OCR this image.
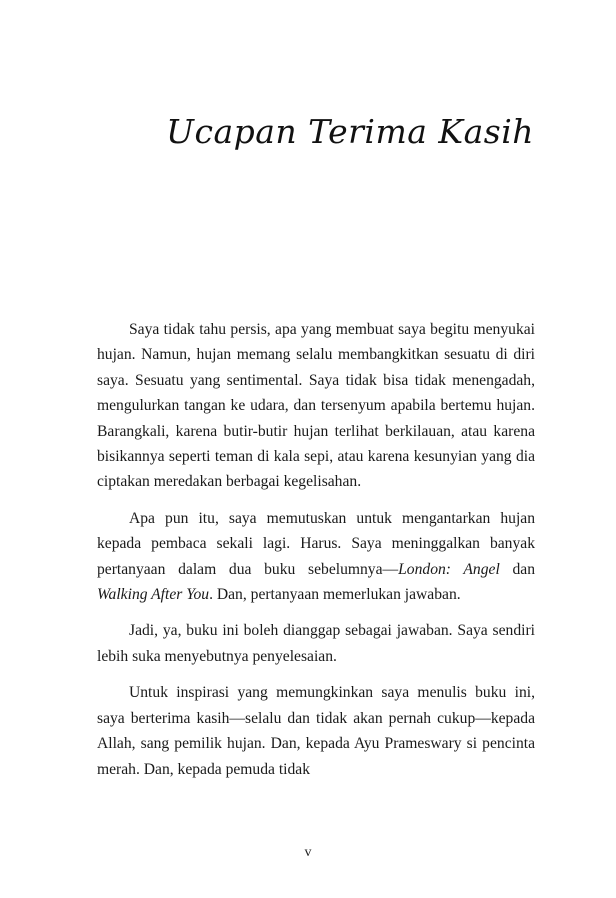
Ucapan Terima Kasih

Saya tidak tahu persis, apa yang membuat saya begitu menyukai hujan. Namun, hujan memang selalu membangkitkan sesuatu di diri saya. Sesuatu yang sentimental. Saya tidak bisa tidak menengadah, mengulurkan tangan ke udara, dan tersenyum apabila bertemu hujan. Barangkali, karena butir-butir hujan terlihat berkilauan, atau karena bisikannya seperti teman di kala sepi, atau karena kesunyian yang dia ciptakan meredakan berbagai kegelisahan.

Apa pun itu, saya memutuskan untuk mengantarkan hujan kepada pembaca sekali lagi. Harus. Saya meninggalkan banyak pertanyaan dalam dua buku sebelumnya—London: Angel dan Walking After You. Dan, pertanyaan memerlukan jawaban.

Jadi, ya, buku ini boleh dianggap sebagai jawaban. Saya sendiri lebih suka menyebutnya penyelesaian.

Untuk inspirasi yang memungkinkan saya menulis buku ini, saya berterima kasih—selalu dan tidak akan pernah cukup—kepada Allah, sang pemilik hujan. Dan, kepada Ayu Prameswary si pencinta merah. Dan, kepada pemuda tidak

v
